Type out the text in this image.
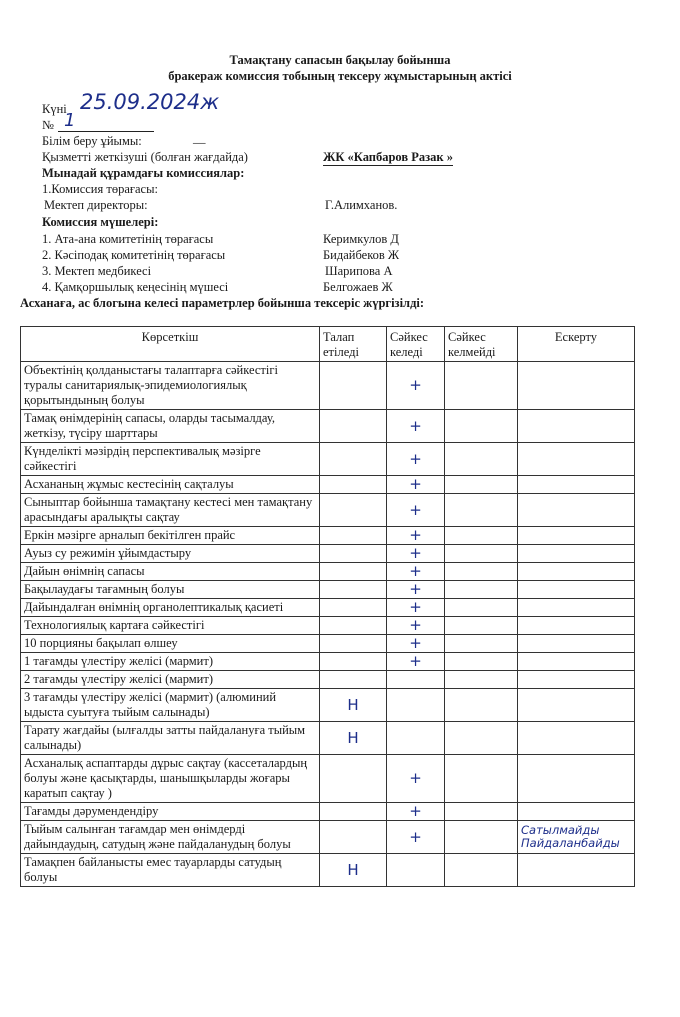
Тамақтану сапасын бақылау бойынша
бракераж комиссия тобының тексеру жұмыстарының актісі
Күні 25.09.2024ж
№ 1
Білім беру ұйымы:	__
Қызметті жеткізуші (болған жағдайда)	ЖК «Капбаров Разак »
Мынадай құрамдағы комиссиялар:
1.Комиссия төрағасы:
Мектеп директоры:	Г.Алимханов.
Комиссия мүшелері:
1. Ата-ана комитетінің төрағасы	Керимкулов Д
2. Кәсіподақ комитетінің төрағасы	Бидайбеков Ж
3. Мектеп медбикесі	Шарипова А
4. Қамқоршылық кеңесінің мүшесі	Белгожаев Ж
Асханаға, ас блогына келесі параметрлер бойынша тексеріс жүргізілді:
Көрсеткіш	Талап етіледі	Сәйкес келеді	Сәйкес келмейді	Ескерту
Объектінің қолданыстағы талаптарға сәйкестігі туралы санитариялық-эпидемиологиялық қорытындының болуы		+		
Тамақ өнімдерінің сапасы, оларды тасымалдау, жеткізу, түсіру шарттары		+		
Күнделікті мәзірдің перспективалық мәзірге сәйкестігі		+		
Асхананың жұмыс кестесінің сақталуы		+		
Сыныптар бойынша тамақтану кестесі мен тамақтану арасындағы аралықты сақтау		+		
Еркін мәзірге арналып бекітілген прайс		+		
Ауыз су режимін ұйымдастыру		+		
Дайын өнімнің сапасы		+		
Бақылаудағы тағамның болуы		+		
Дайындалған өнімнің органолептикалық қасиеті		+		
Технологиялық картаға сәйкестігі		+		
10 порцияны бақылап өлшеу		+		
1 тағамды үлестіру желісі (мармит)		+		
2 тағамды үлестіру желісі (мармит)				
3 тағамды үлестіру желісі (мармит) (алюминий ыдыста суытуға тыйым салынады)	Н			
Тарату жағдайы (ылғалды затты пайдалануға тыйым салынады)	Н			
Асханалық аспаптарды дұрыс сақтау (кассеталардың болуы және қасықтарды, шанышқыларды жоғары каратып сақтау )		+		
Тағамды дәрумендендіру		+		
Тыйым салынған тағамдар мен өнімдерді дайындаудың, сатудың және пайдаланудың болуы		+		Сатылмайды Пайдаланбайды
Тамақпен байланысты емес тауарларды сатудың болуы	Н			
